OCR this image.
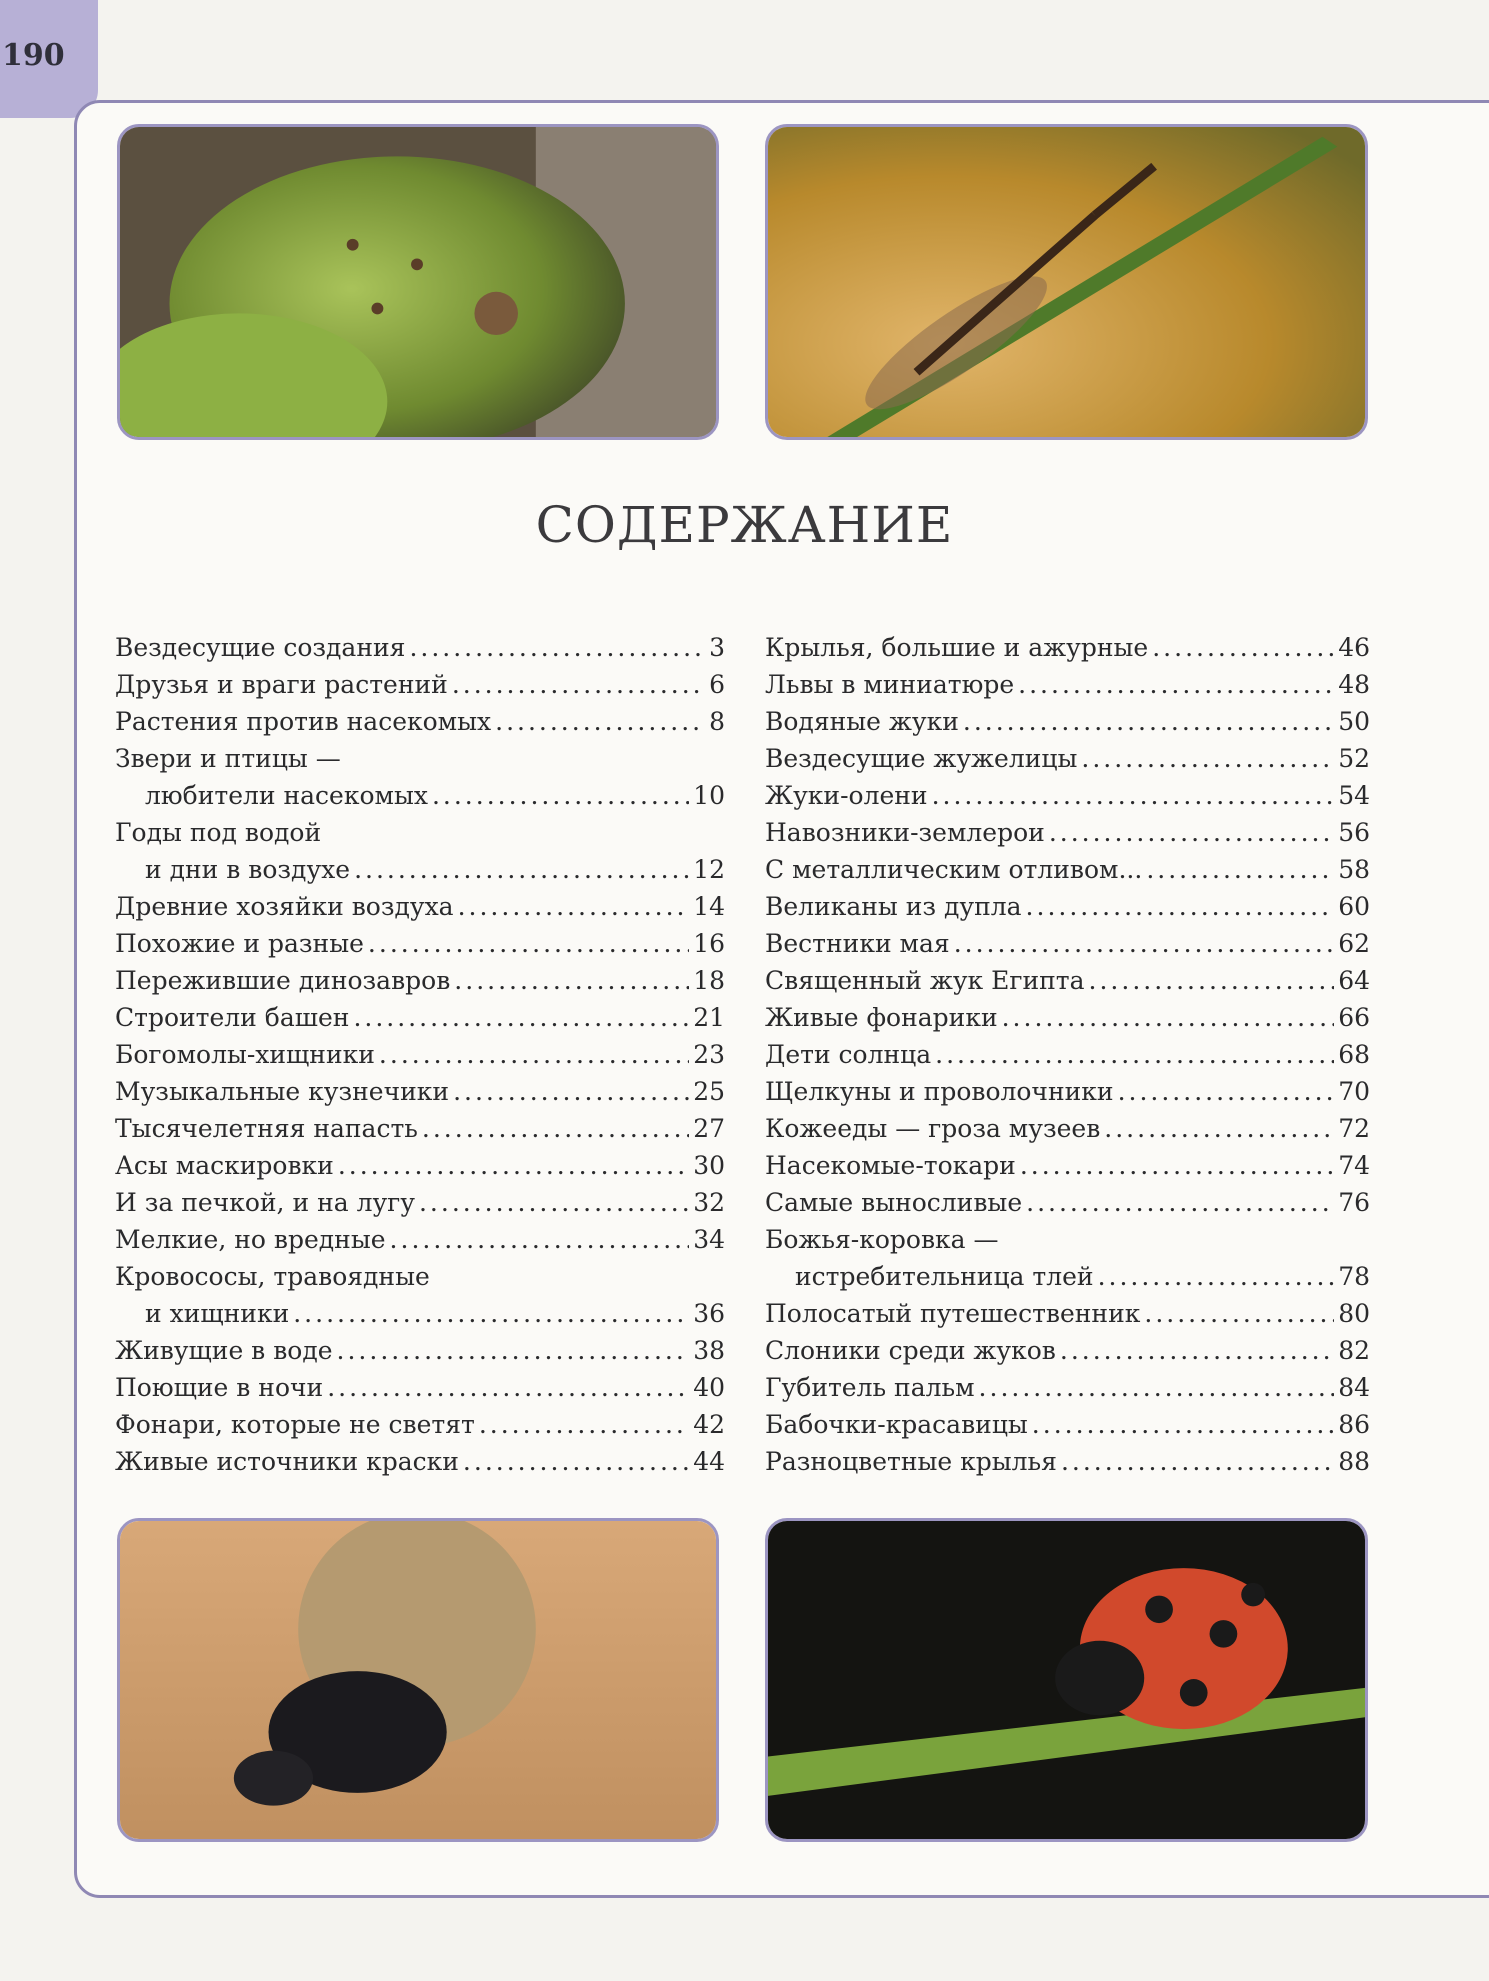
190
СОДЕРЖАНИЕ
Вездесущие создания .....	3
Друзья и враги растений .....	6
Растения против насекомых .....	8
Звери и птицы —
любители насекомых .....	10
Годы под водой
и дни в воздухе .....	12
Древние хозяйки воздуха .....	14
Похожие и разные .....	16
Пережившие динозавров .....	18
Строители башен .....	21
Богомолы-хищники .....	23
Музыкальные кузнечики .....	25
Тысячелетняя напасть .....	27
Асы маскировки .....	30
И за печкой, и на лугу .....	32
Мелкие, но вредные .....	34
Кровососы, травоядные
и хищники .....	36
Живущие в воде .....	38
Поющие в ночи .....	40
Фонари, которые не светят .....	42
Живые источники краски .....	44
Крылья, большие и ажурные .....	46
Львы в миниатюре .....	48
Водяные жуки .....	50
Вездесущие жужелицы .....	52
Жуки-олени .....	54
Навозники-землерои .....	56
С металлическим отливом... .....	58
Великаны из дупла .....	60
Вестники мая .....	62
Священный жук Египта .....	64
Живые фонарики .....	66
Дети солнца .....	68
Щелкуны и проволочники .....	70
Кожееды — гроза музеев .....	72
Насекомые-токари .....	74
Самые выносливые .....	76
Божья-коровка —
истребительница тлей .....	78
Полосатый путешественник .....	80
Слоники среди жуков .....	82
Губитель пальм .....	84
Бабочки-красавицы .....	86
Разноцветные крылья .....	88
